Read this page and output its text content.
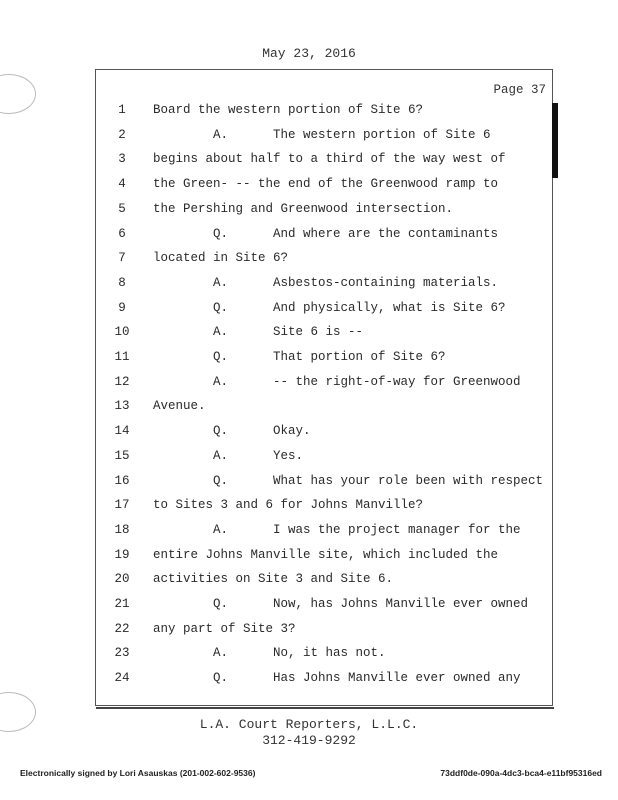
May 23, 2016
Page 37
1	Board the western portion of Site 6?
2	A.      The western portion of Site 6
3	begins about half to a third of the way west of
4	the Green- -- the end of the Greenwood ramp to
5	the Pershing and Greenwood intersection.
6	Q.      And where are the contaminants
7	located in Site 6?
8	A.      Asbestos-containing materials.
9	Q.      And physically, what is Site 6?
10	A.      Site 6 is --
11	Q.      That portion of Site 6?
12	A.      -- the right-of-way for Greenwood
13	Avenue.
14	Q.      Okay.
15	A.      Yes.
16	Q.      What has your role been with respect
17	to Sites 3 and 6 for Johns Manville?
18	A.      I was the project manager for the
19	entire Johns Manville site, which included the
20	activities on Site 3 and Site 6.
21	Q.      Now, has Johns Manville ever owned
22	any part of Site 3?
23	A.      No, it has not.
24	Q.      Has Johns Manville ever owned any
L.A. Court Reporters, L.L.C.
312-419-9292
Electronically signed by Lori Asauskas (201-002-602-9536)	73ddf0de-090a-4dc3-bca4-e11bf95316ed
